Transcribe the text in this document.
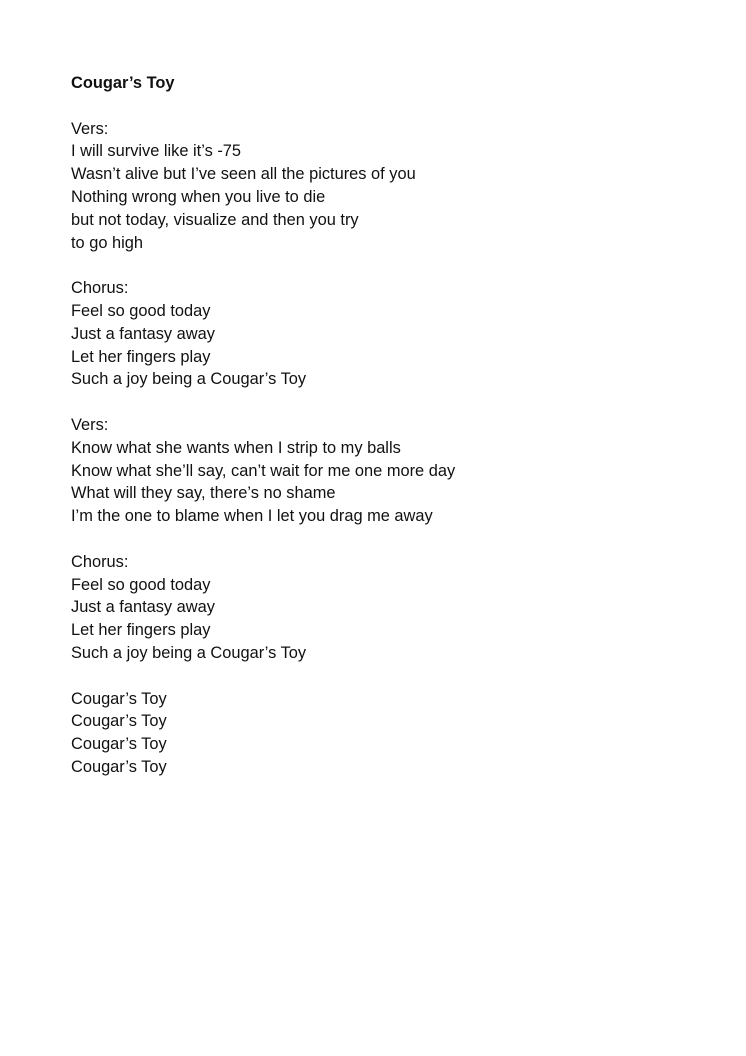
Cougar’s Toy
Vers:
I will survive like it’s -75
Wasn’t alive but I’ve seen all the pictures of you
Nothing wrong when you live to die
but not today, visualize and then you try
to go high
Chorus:
Feel so good today
Just a fantasy away
Let her fingers play
Such a joy being a Cougar’s Toy
Vers:
Know what she wants when I strip to my balls
Know what she’ll say, can’t wait for me one more day
What will they say, there’s no shame
I’m the one to blame when I let you drag me away
Chorus:
Feel so good today
Just a fantasy away
Let her fingers play
Such a joy being a Cougar’s Toy
Cougar’s Toy
Cougar’s Toy
Cougar’s Toy
Cougar’s Toy
